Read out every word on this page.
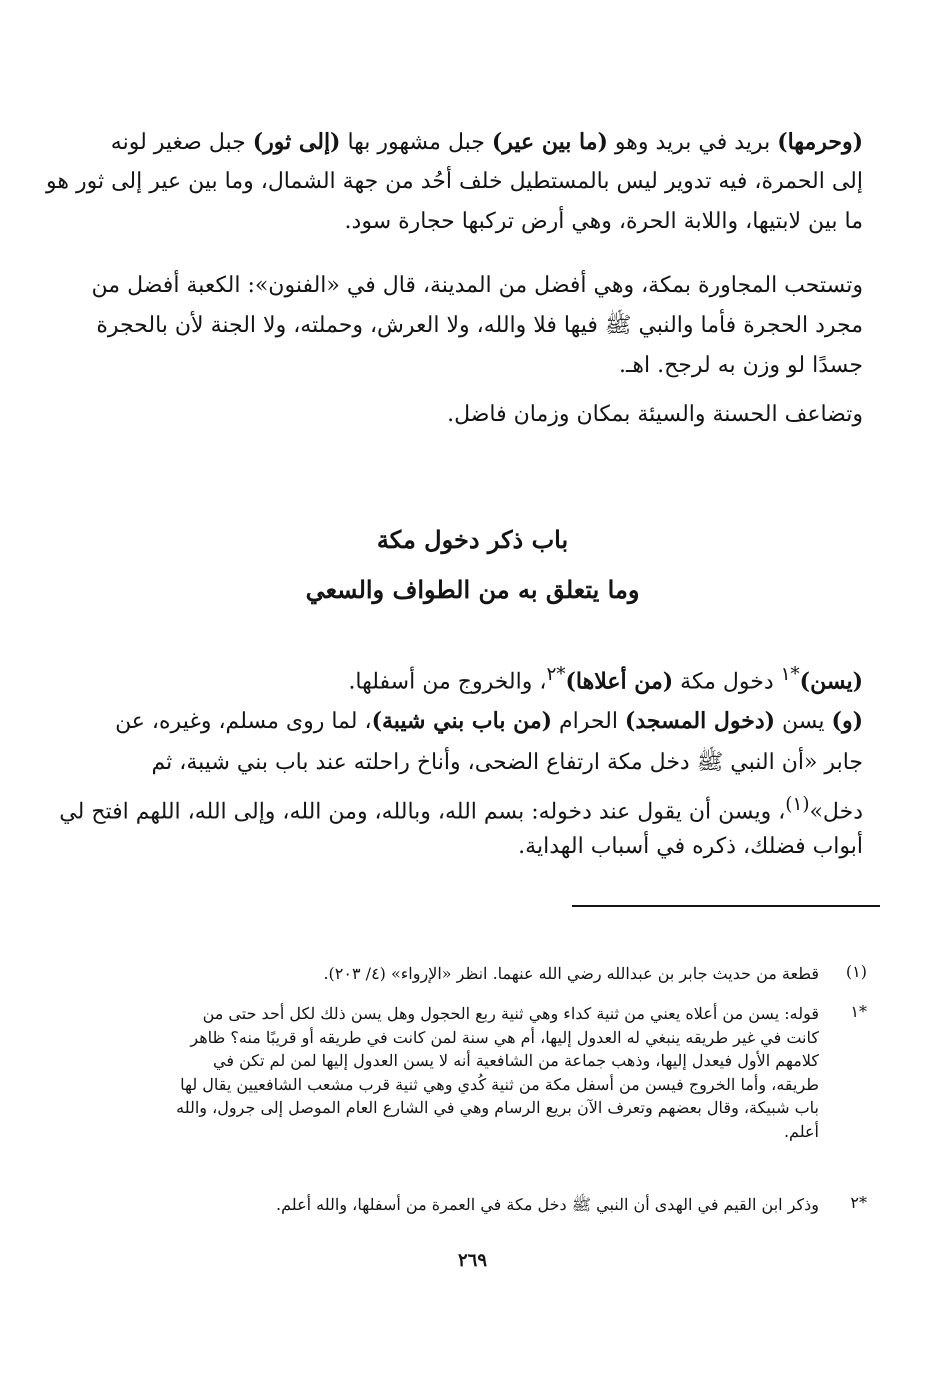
(وحرمها) بريد في بريد وهو (ما بين عير) جبل مشهور بها (إلى ثور) جبل صغير لونه
إلى الحمرة، فيه تدوير ليس بالمستطيل خلف أحُد من جهة الشمال، وما بين عير إلى ثور هو
ما بين لابتيها، واللابة الحرة، وهي أرض تركبها حجارة سود.
وتستحب المجاورة بمكة، وهي أفضل من المدينة، قال في «الفنون»: الكعبة أفضل من
مجرد الحجرة فأما والنبي ﷺ فيها فلا والله، ولا العرش، وحملته، ولا الجنة لأن بالحجرة
جسدًا لو وزن به لرجح. اهـ.
وتضاعف الحسنة والسيئة بمكان وزمان فاضل.
باب ذكر دخول مكة
وما يتعلق به من الطواف والسعي
(يسن)$^{*١}$ دخول مكة (من أعلاها)$^{*٢}$، والخروج من أسفلها.
(و) يسن (دخول المسجد) الحرام (من باب بني شيبة)، لما روى مسلم، وغيره، عن
جابر «أن النبي ﷺ دخل مكة ارتفاع الضحى، وأناخ راحلته عند باب بني شيبة، ثم
دخل»$^{(١)}$، ويسن أن يقول عند دخوله: بسم الله، وبالله، ومن الله، وإلى الله، اللهم افتح لي
أبواب فضلك، ذكره في أسباب الهداية.
(١)
قطعة من حديث جابر بن عبدالله رضي الله عنهما. انظر «الإرواء» (٤/ ٢٠٣).
*١
قوله: يسن من أعلاه يعني من ثنية كداء وهي ثنية ربع الحجول وهل يسن ذلك لكل أحد حتى من
كانت في غير طريقه ينبغي له العدول إليها، أم هي سنة لمن كانت في طريقه أو قريبًا منه؟ ظاهر
كلامهم الأول فيعدل إليها، وذهب جماعة من الشافعية أنه لا يسن العدول إليها لمن لم تكن في
طريقه، وأما الخروج فيسن من أسفل مكة من ثنية كُدي وهي ثنية قرب مشعب الشافعيين يقال لها
باب شبيكة، وقال بعضهم وتعرف الآن بريع الرسام وهي في الشارع العام الموصل إلى جرول، والله
أعلم.
*٢
وذكر ابن القيم في الهدى أن النبي ﷺ دخل مكة في العمرة من أسفلها، والله أعلم.
٢٦٩
